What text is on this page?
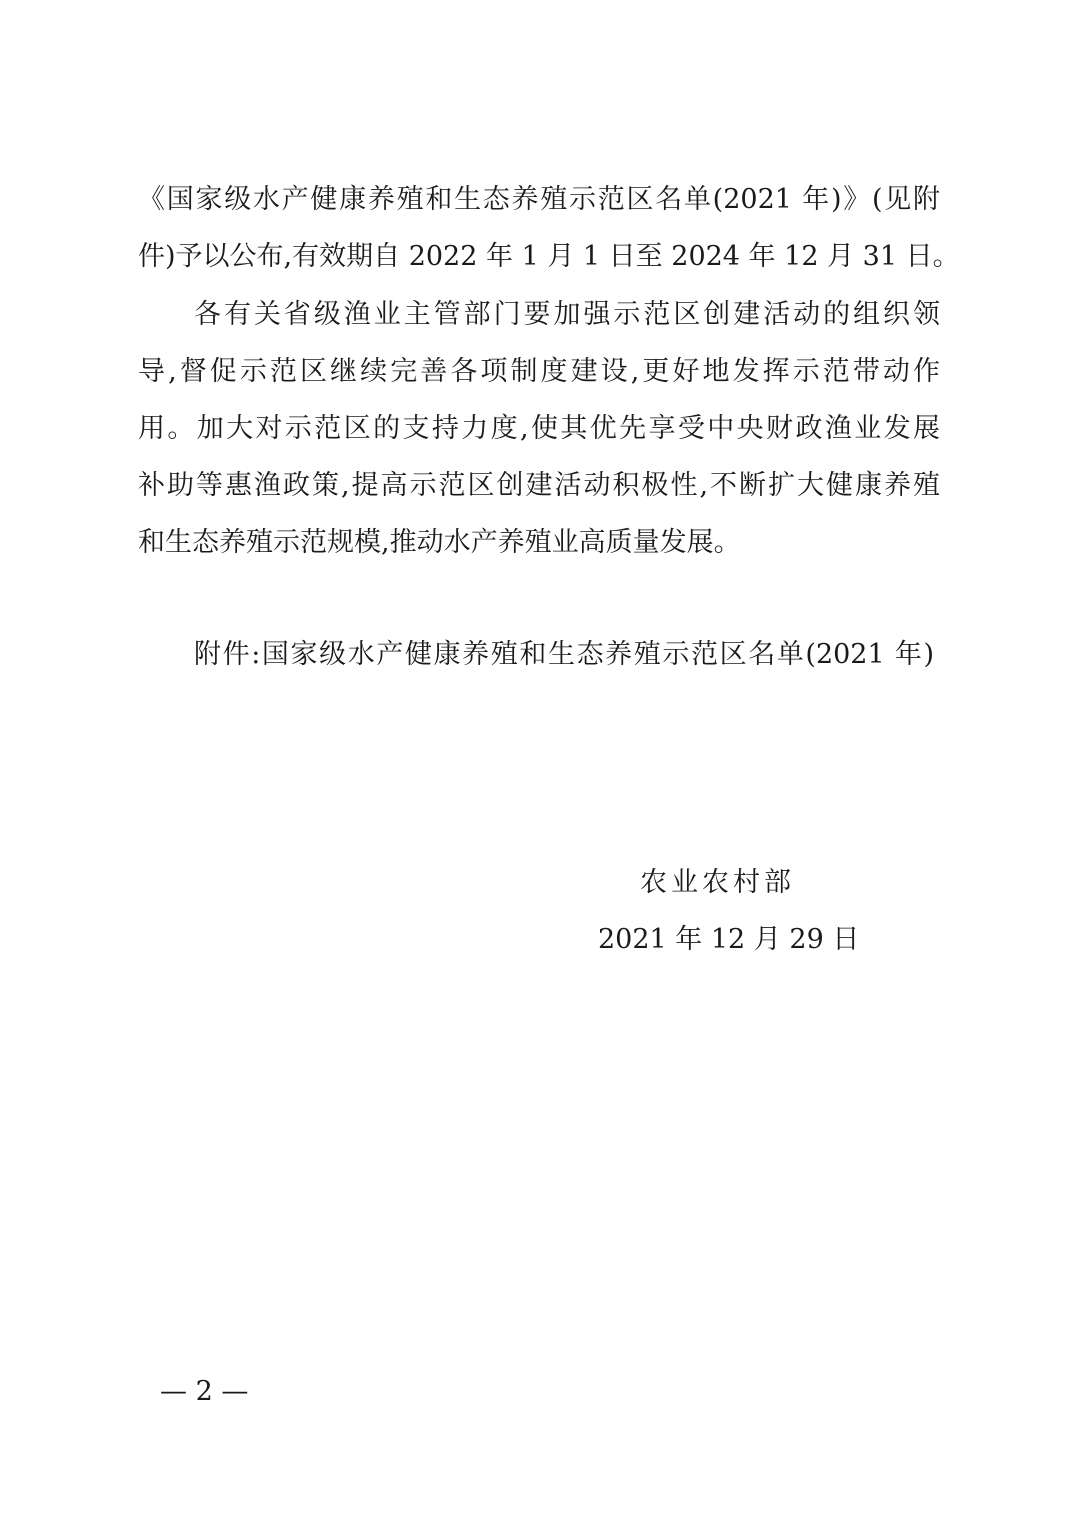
《国家级水产健康养殖和生态养殖示范区名单(2021 年)》(见附
件)予以公布,有效期自 2022 年 1 月 1 日至 2024 年 12 月 31 日。
各有关省级渔业主管部门要加强示范区创建活动的组织领
导,督促示范区继续完善各项制度建设,更好地发挥示范带动作
用。加大对示范区的支持力度,使其优先享受中央财政渔业发展
补助等惠渔政策,提高示范区创建活动积极性,不断扩大健康养殖
和生态养殖示范规模,推动水产养殖业高质量发展。
附件:国家级水产健康养殖和生态养殖示范区名单(2021 年)
农业农村部
2021 年 12 月 29 日
— 2 —
